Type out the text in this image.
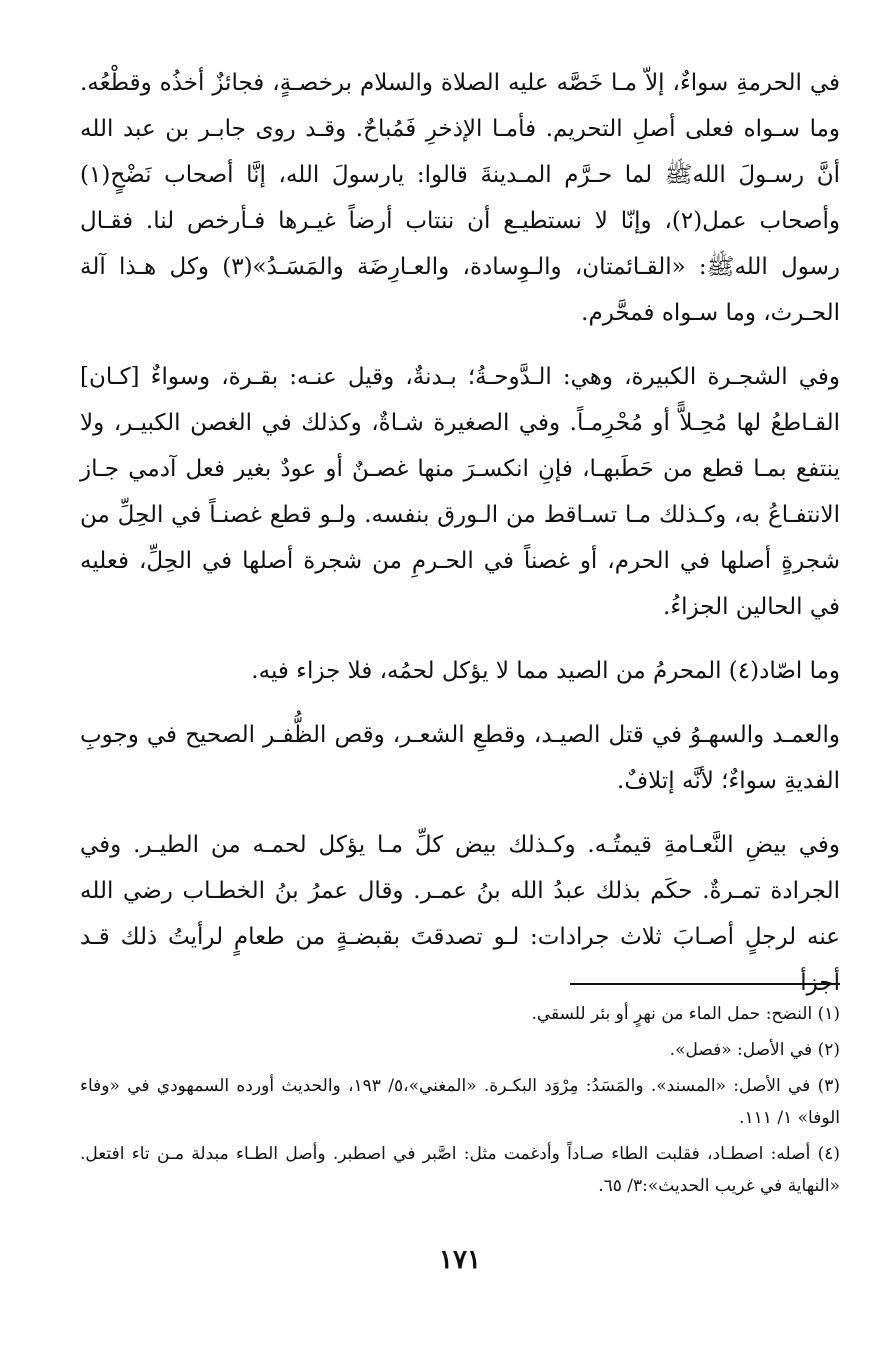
في الحرمةِ سواءٌ، إلاّ مـا خَصَّه عليه الصلاة والسلام برخصـةٍ، فجائزٌ أخذُه وقطْعُه. وما سـواه فعلى أصلِ التحريم. فأمـا الإذخرِ فَمُباحٌ. وقـد روى جابـر بن عبد الله أنَّ رسـولَ اللهﷺ لما حـرَّم المـدينةَ قالوا: يارسولَ الله، إنَّا أصحاب نَضْحٍ(١) وأصحاب عمل(٢)، وإنّا لا نستطيـع أن ننتاب أرضاً غيـرها فـأرخص لنا. فقـال رسول اللهﷺ: «القـائمتان، والـوِسادة، والعـارِضَة والمَسَـدُ»(٣) وكل هـذا آلة الحـرث، وما سـواه فمحَّرم.

وفي الشجـرة الكبيرة، وهي: الـدَّوحـةُ؛ بـدنةٌ، وقيل عنـه: بقـرة، وسواءٌ [كـان] القـاطعُ لها مُحِـلاًّ أو مُحْرِمـاً. وفي الصغيرة شـاةٌ، وكذلك في الغصن الكبيـر، ولا ينتفع بمـا قطع من حَطَبهـا، فإنِ انكسـرَ منها غصـنٌ أو عودٌ بغير فعل آدمي جـاز الانتفـاعُ به، وكـذلك مـا تسـاقط من الـورق بنفسه. ولـو قطع غصنـاً في الحِلِّ من شجرةٍ أصلها في الحرم، أو غصناً في الحـرمِ من شجرة أصلها في الحِلِّ، فعليه في الحالين الجزاءُ.

وما اصّاد(٤) المحرمُ من الصيد مما لا يؤكل لحمُه، فلا جزاء فيه.

والعمـد والسهـوُ في قتل الصيـد، وقطعِ الشعـر، وقص الظُّفـر الصحيح في وجوبِ الفديةِ سواءٌ؛ لأنَّه إتلافٌ.

وفي بيضِ النَّعـامةِ قيمتُـه. وكـذلك بيض كلِّ مـا يؤكل لحمـه من الطيـر. وفي الجرادة تمـرةٌ. حكَم بذلك عبدُ الله بنُ عمـر. وقال عمرُ بنُ الخطـاب رضي الله عنه لرجلٍ أصـابَ ثلاث جرادات: لـو تصدقتَ بقبضـةٍ من طعامٍ لرأيتُ ذلك قـد أجزأ

(١) النضح: حمل الماء من نهرٍ أو بئر للسقي.

(٢) في الأصل: «فصل».

(٣) في الأصل: «المسند». والمَسَدُ: مِرْوَد البكـرة. «المغني»،٥/ ١٩٣، والحديث أورده السمهودي في «وفاء الوفا» ١/ ١١١.

(٤) أصله: اصطـاد، فقلبت الطاء صـاداً وأدغمت مثل: اصَّبر في اصطبر. وأصل الطـاء مبدلة مـن تاء افتعل. «النهاية في غريب الحديث»:٣/ ٦٥.

١٧١
